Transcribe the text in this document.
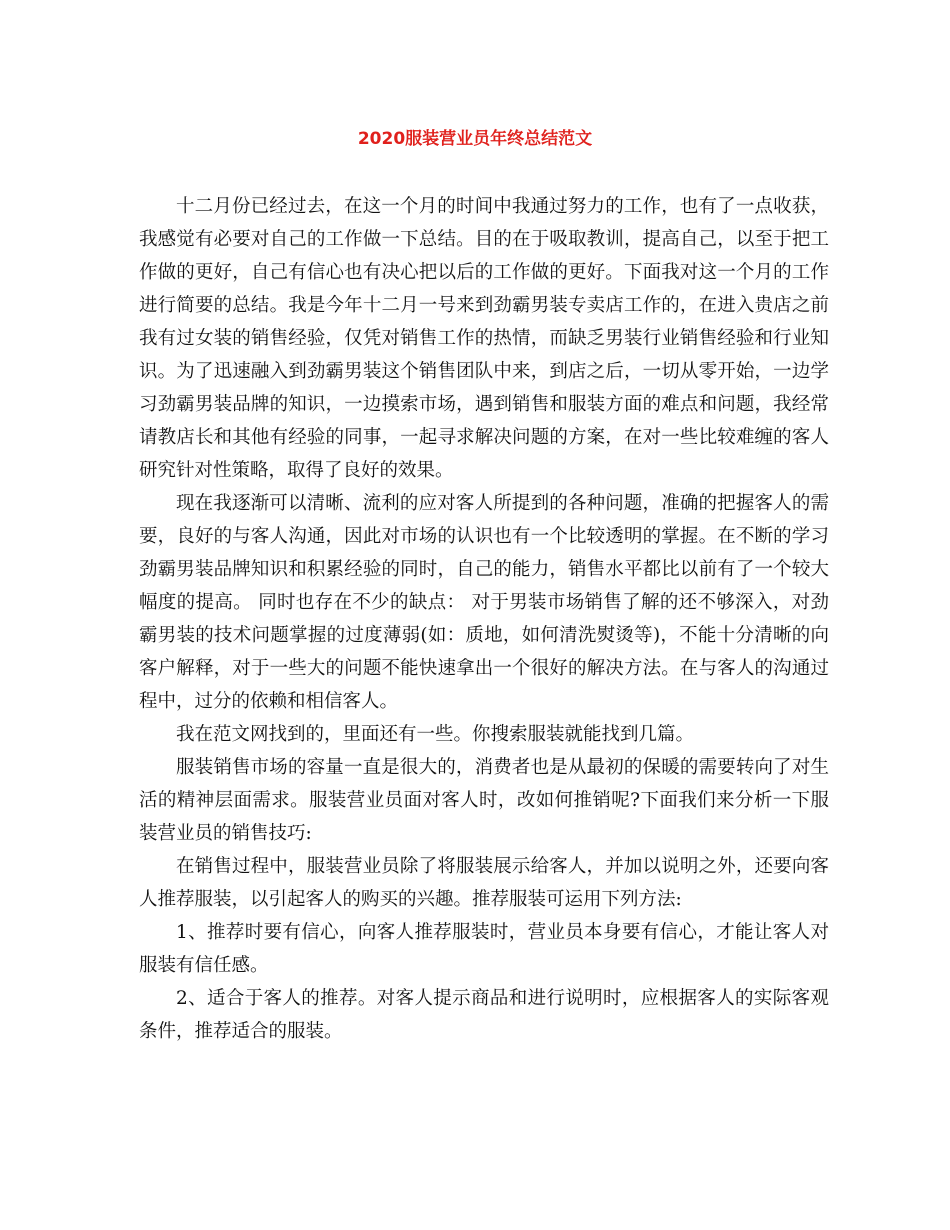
2020服装营业员年终总结范文

十二月份已经过去，在这一个月的时间中我通过努力的工作，也有了一点收获，我感觉有必要对自己的工作做一下总结。目的在于吸取教训，提高自己，以至于把工作做的更好，自己有信心也有决心把以后的工作做的更好。下面我对这一个月的工作进行简要的总结。我是今年十二月一号来到劲霸男装专卖店工作的，在进入贵店之前我有过女装的销售经验，仅凭对销售工作的热情，而缺乏男装行业销售经验和行业知识。为了迅速融入到劲霸男装这个销售团队中来，到店之后，一切从零开始，一边学习劲霸男装品牌的知识，一边摸索市场，遇到销售和服装方面的难点和问题，我经常请教店长和其他有经验的同事，一起寻求解决问题的方案，在对一些比较难缠的客人研究针对性策略，取得了良好的效果。

现在我逐渐可以清晰、流利的应对客人所提到的各种问题，准确的把握客人的需要，良好的与客人沟通，因此对市场的认识也有一个比较透明的掌握。在不断的学习劲霸男装品牌知识和积累经验的同时，自己的能力，销售水平都比以前有了一个较大幅度的提高。 同时也存在不少的缺点： 对于男装市场销售了解的还不够深入，对劲霸男装的技术问题掌握的过度薄弱(如：质地，如何清洗熨烫等)，不能十分清晰的向客户解释，对于一些大的问题不能快速拿出一个很好的解决方法。在与客人的沟通过程中，过分的依赖和相信客人。

我在范文网找到的，里面还有一些。你搜索服装就能找到几篇。

服装销售市场的容量一直是很大的，消费者也是从最初的保暖的需要转向了对生活的精神层面需求。服装营业员面对客人时，改如何推销呢?下面我们来分析一下服装营业员的销售技巧:

在销售过程中，服装营业员除了将服装展示给客人，并加以说明之外，还要向客人推荐服装，以引起客人的购买的兴趣。推荐服装可运用下列方法:

1、推荐时要有信心，向客人推荐服装时，营业员本身要有信心，才能让客人对服装有信任感。

2、适合于客人的推荐。对客人提示商品和进行说明时，应根据客人的实际客观条件，推荐适合的服装。
